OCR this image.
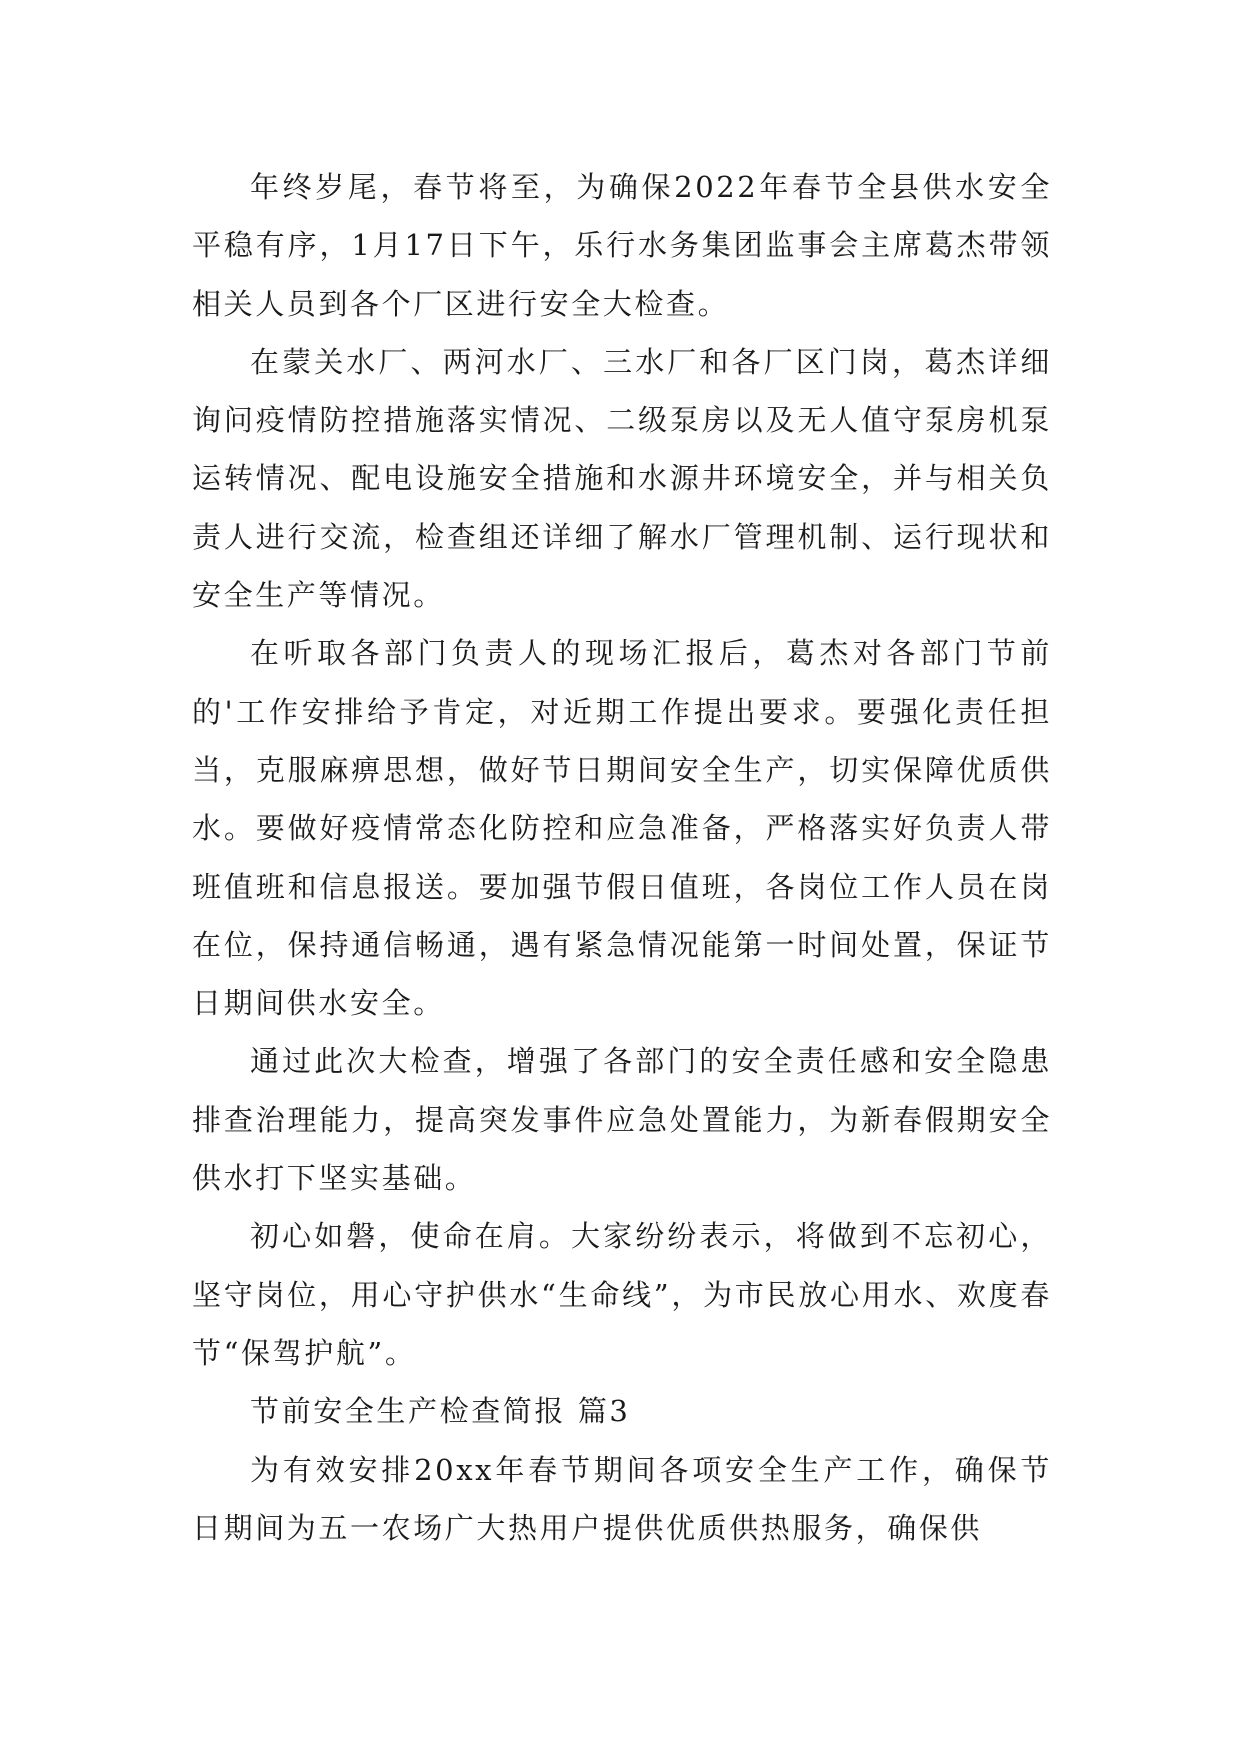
年终岁尾，春节将至，为确保2022年春节全县供水安全平稳有序，1月17日下午，乐行水务集团监事会主席葛杰带领相关人员到各个厂区进行安全大检查。

在蒙关水厂、两河水厂、三水厂和各厂区门岗，葛杰详细询问疫情防控措施落实情况、二级泵房以及无人值守泵房机泵运转情况、配电设施安全措施和水源井环境安全，并与相关负责人进行交流，检查组还详细了解水厂管理机制、运行现状和安全生产等情况。

在听取各部门负责人的现场汇报后，葛杰对各部门节前的'工作安排给予肯定，对近期工作提出要求。要强化责任担当，克服麻痹思想，做好节日期间安全生产，切实保障优质供水。要做好疫情常态化防控和应急准备，严格落实好负责人带班值班和信息报送。要加强节假日值班，各岗位工作人员在岗在位，保持通信畅通，遇有紧急情况能第一时间处置，保证节日期间供水安全。

通过此次大检查，增强了各部门的安全责任感和安全隐患排查治理能力，提高突发事件应急处置能力，为新春假期安全供水打下坚实基础。

初心如磐，使命在肩。大家纷纷表示，将做到不忘初心，坚守岗位，用心守护供水“生命线”，为市民放心用水、欢度春节“保驾护航”。

节前安全生产检查简报 篇3

为有效安排20xx年春节期间各项安全生产工作，确保节日期间为五一农场广大热用户提供优质供热服务，确保供
